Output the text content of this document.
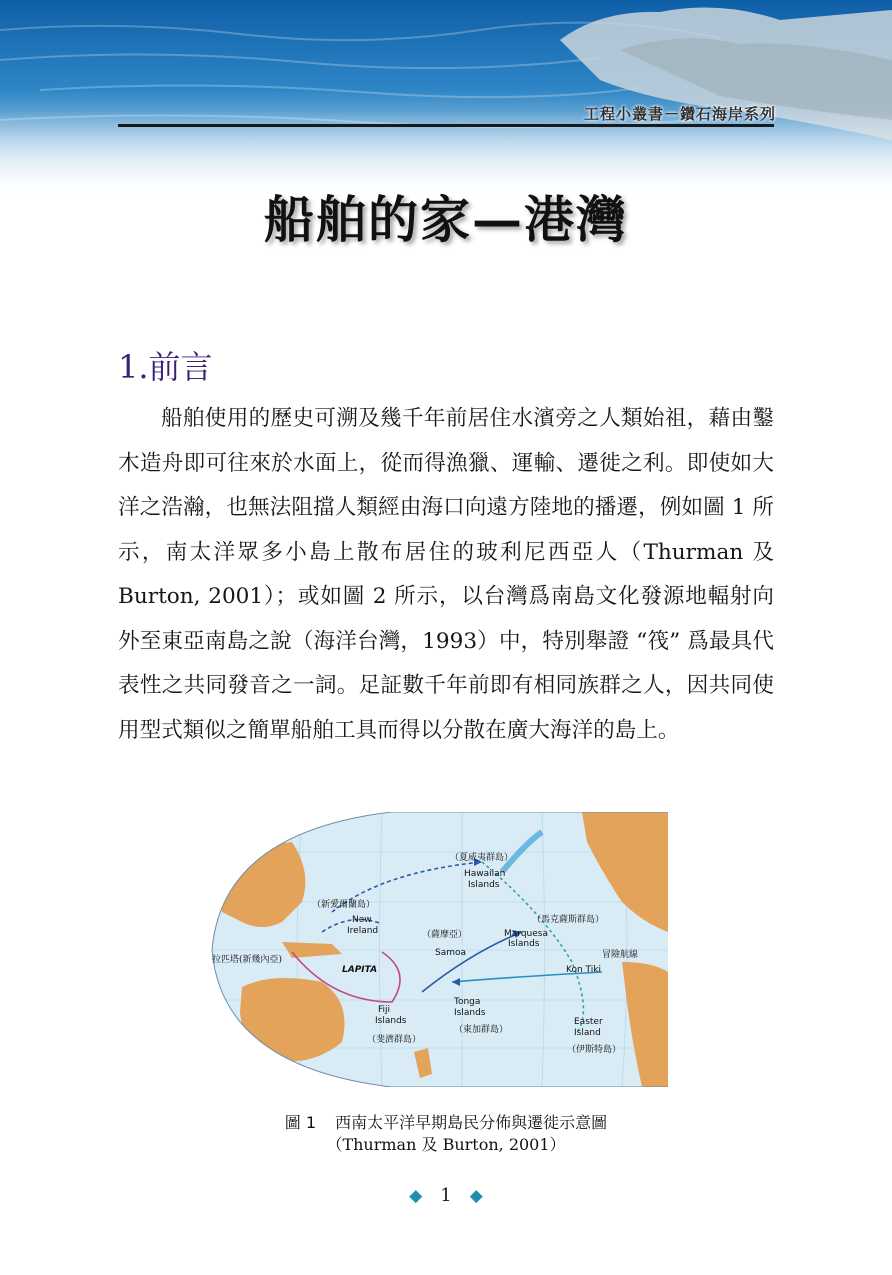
工程小叢書－鑽石海岸系列
船舶的家—港灣
1.前言

船舶使用的歷史可溯及幾千年前居住水濱旁之人類始祖，藉由鑿木造舟即可往來於水面上，從而得漁獵、運輸、遷徙之利。即使如大洋之浩瀚，也無法阻擋人類經由海口向遠方陸地的播遷，例如圖 1 所示，南太洋眾多小島上散布居住的玻利尼西亞人（Thurman 及 Burton, 2001）；或如圖 2 所示，以台灣爲南島文化發源地輻射向外至東亞南島之說（海洋台灣，1993）中，特別舉證 “筏” 爲最具代表性之共同發音之一詞。足証數千年前即有相同族群之人，因共同使用型式類似之簡單船舶工具而得以分散在廣大海洋的島上。

（夏威夷群島）
Hawaiian
Islands
（新愛爾蘭島）
New
Ireland	（薩摩亞）
Samoa
（馬克薩斯群島）
Marquesa
Islands
冒險航線
Kon Tiki
拉匹塔(新幾內亞)
LAPITA
Tonga
Islands
（東加群島）
Fiji
Islands
（斐濟群島）
Easter
Island
（伊斯特島）
圖 1 西南太平洋早期島民分佈與遷徙示意圖
（Thurman 及 Burton, 2001）
◆ 1 ◆
